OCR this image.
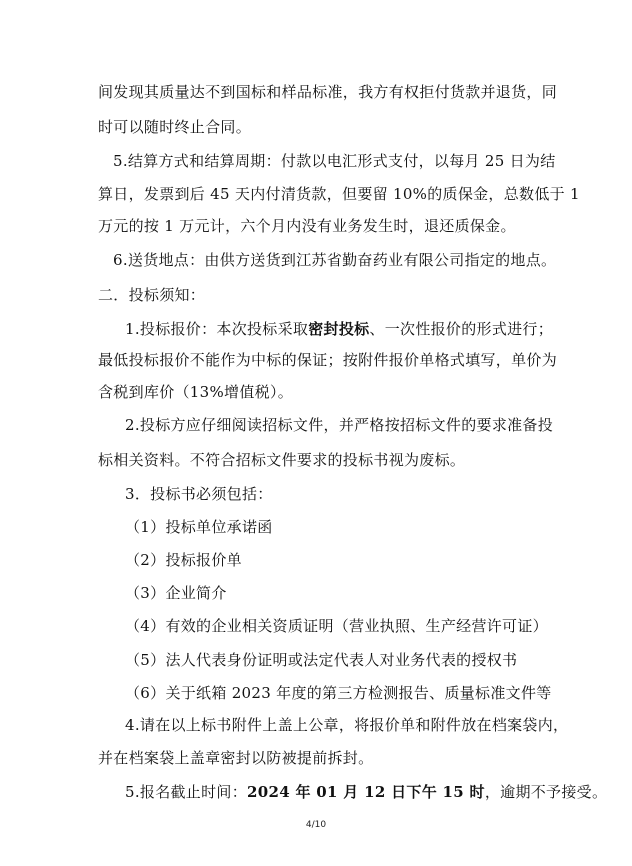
间发现其质量达不到国标和样品标准，我方有权拒付货款并退货，同
时可以随时终止合同。
5.结算方式和结算周期：付款以电汇形式支付，以每月 25 日为结
算日，发票到后 45 天内付清货款，但要留 10%的质保金，总数低于 1
万元的按 1 万元计，六个月内没有业务发生时，退还质保金。
6.送货地点：由供方送货到江苏省勤奋药业有限公司指定的地点。
二．投标须知：
1.投标报价：本次投标采取密封投标、一次性报价的形式进行；
最低投标报价不能作为中标的保证；按附件报价单格式填写，单价为
含税到库价（13%增值税）。
2.投标方应仔细阅读招标文件，并严格按招标文件的要求准备投
标相关资料。不符合招标文件要求的投标书视为废标。
3．投标书必须包括：
（1）投标单位承诺函
（2）投标报价单
（3）企业简介
（4）有效的企业相关资质证明（营业执照、生产经营许可证）
（5）法人代表身份证明或法定代表人对业务代表的授权书
（6）关于纸箱 2023 年度的第三方检测报告、质量标准文件等
4.请在以上标书附件上盖上公章，将报价单和附件放在档案袋内，
并在档案袋上盖章密封以防被提前拆封。
5.报名截止时间：2024 年 01 月 12 日下午 15 时，逾期不予接受。
4/10
